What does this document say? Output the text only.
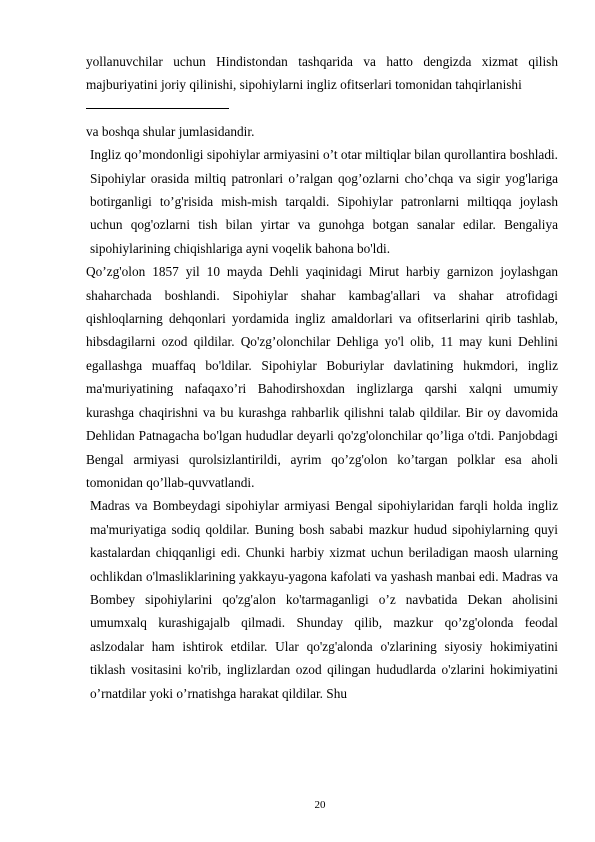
yollanuvchilar uchun Hindistondan tashqarida va hatto dengizda xizmat qilish majburiyatini joriy qilinishi, sipohiylarni ingliz ofitserlari tomonidan tahqirlanishi

va boshqa shular jumlasidandir.

Ingliz qo’mondonligi sipohiylar armiyasini o’t otar miltiqlar bilan qurollantira boshladi. Sipohiylar orasida miltiq patronlari o’ralgan qog’ozlarni cho’chqa va sigir yog'lariga botirganligi to’g'risida mish-mish tarqaldi. Sipohiylar patronlarni miltiqqa joylash uchun qog'ozlarni tish bilan yirtar va gunohga botgan sanalar edilar. Bengaliya sipohiylarining chiqishlariga ayni voqelik bahona bo'ldi.

Qo’zg'olon 1857 yil 10 mayda Dehli yaqinidagi Mirut harbiy garnizon joylashgan shaharchada boshlandi. Sipohiylar shahar kambag'allari va shahar atrofidagi qishloqlarning dehqonlari yordamida ingliz amaldorlari va ofitserlarini qirib tashlab, hibsdagilarni ozod qildilar. Qo'zg’olonchilar Dehliga yo'l olib, 11 may kuni Dehlini egallashga muaffaq bo'ldilar. Sipohiylar Boburiylar davlatining hukmdori, ingliz ma'muriyatining nafaqaxo’ri Bahodirshoxdan inglizlarga qarshi xalqni umumiy kurashga chaqirishni va bu kurashga rahbarlik qilishni talab qildilar. Bir oy davomida Dehlidan Patnagacha bo'lgan hududlar deyarli qo'zg'olonchilar qo’liga o'tdi. Panjobdagi Bengal armiyasi qurolsizlantirildi, ayrim qo’zg'olon ko’targan polklar esa aholi tomonidan qo’llab-quvvatlandi.

Madras va Bombeydagi sipohiylar armiyasi Bengal sipohiylaridan farqli holda ingliz ma'muriyatiga sodiq qoldilar. Buning bosh sababi mazkur hudud sipohiylarning quyi kastalardan chiqqanligi edi. Chunki harbiy xizmat uchun beriladigan maosh ularning ochlikdan o'lmasliklarining yakkayu-yagona kafolati va yashash manbai edi. Madras va Bombey sipohiylarini qo'zg'alon ko'tarmaganligi o’z navbatida Dekan aholisini umumxalq kurashigajalb qilmadi. Shunday qilib, mazkur qo’zg'olonda feodal aslzodalar ham ishtirok etdilar. Ular qo'zg'alonda o'zlarining siyosiy hokimiyatini tiklash vositasini ko'rib, inglizlardan ozod qilingan hududlarda o'zlarini hokimiyatini o’rnatdilar yoki o’rnatishga harakat qildilar. Shu

20
